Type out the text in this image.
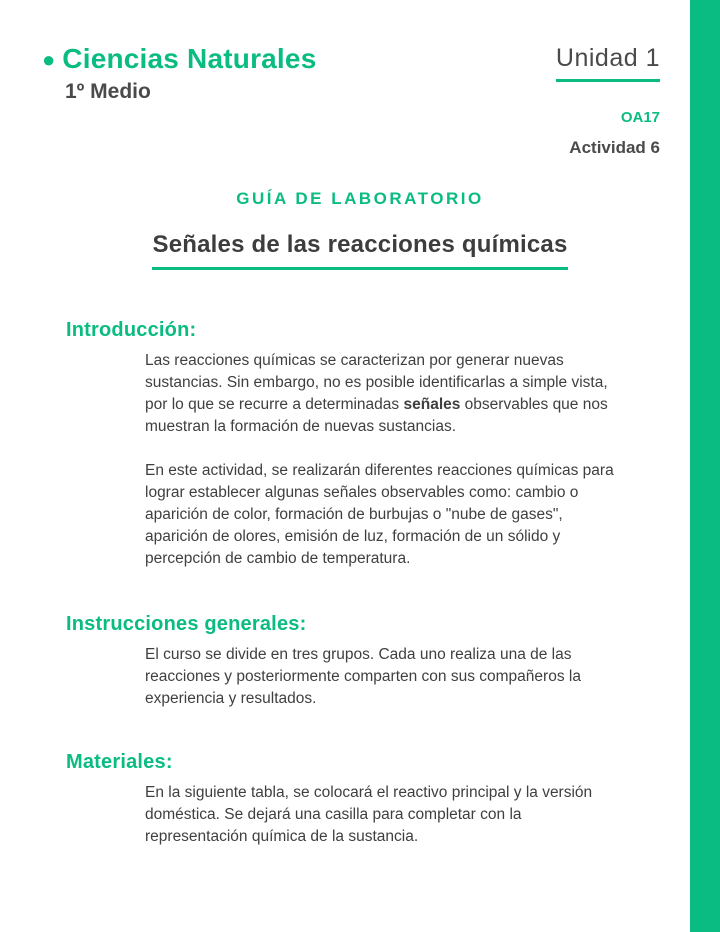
● Ciencias Naturales
1º Medio
Unidad 1
OA17
Actividad 6
GUÍA DE LABORATORIO
Señales de las reacciones químicas
Introducción:
Las reacciones químicas se caracterizan por generar nuevas
sustancias. Sin embargo, no es posible identificarlas a simple vista,
por lo que se recurre a determinadas señales observables que nos
muestran la formación de nuevas sustancias.
En este actividad, se realizarán diferentes reacciones químicas para
lograr establecer algunas señales observables como: cambio o
aparición de color, formación de burbujas o "nube de gases",
aparición de olores, emisión de luz, formación de un sólido y
percepción de cambio de temperatura.
Instrucciones generales:
El curso se divide en tres grupos. Cada uno realiza una de las
reacciones y posteriormente comparten con sus compañeros la
experiencia y resultados.
Materiales:
En la siguiente tabla, se colocará el reactivo principal y la versión
doméstica. Se dejará una casilla para completar con la
representación química de la sustancia.
